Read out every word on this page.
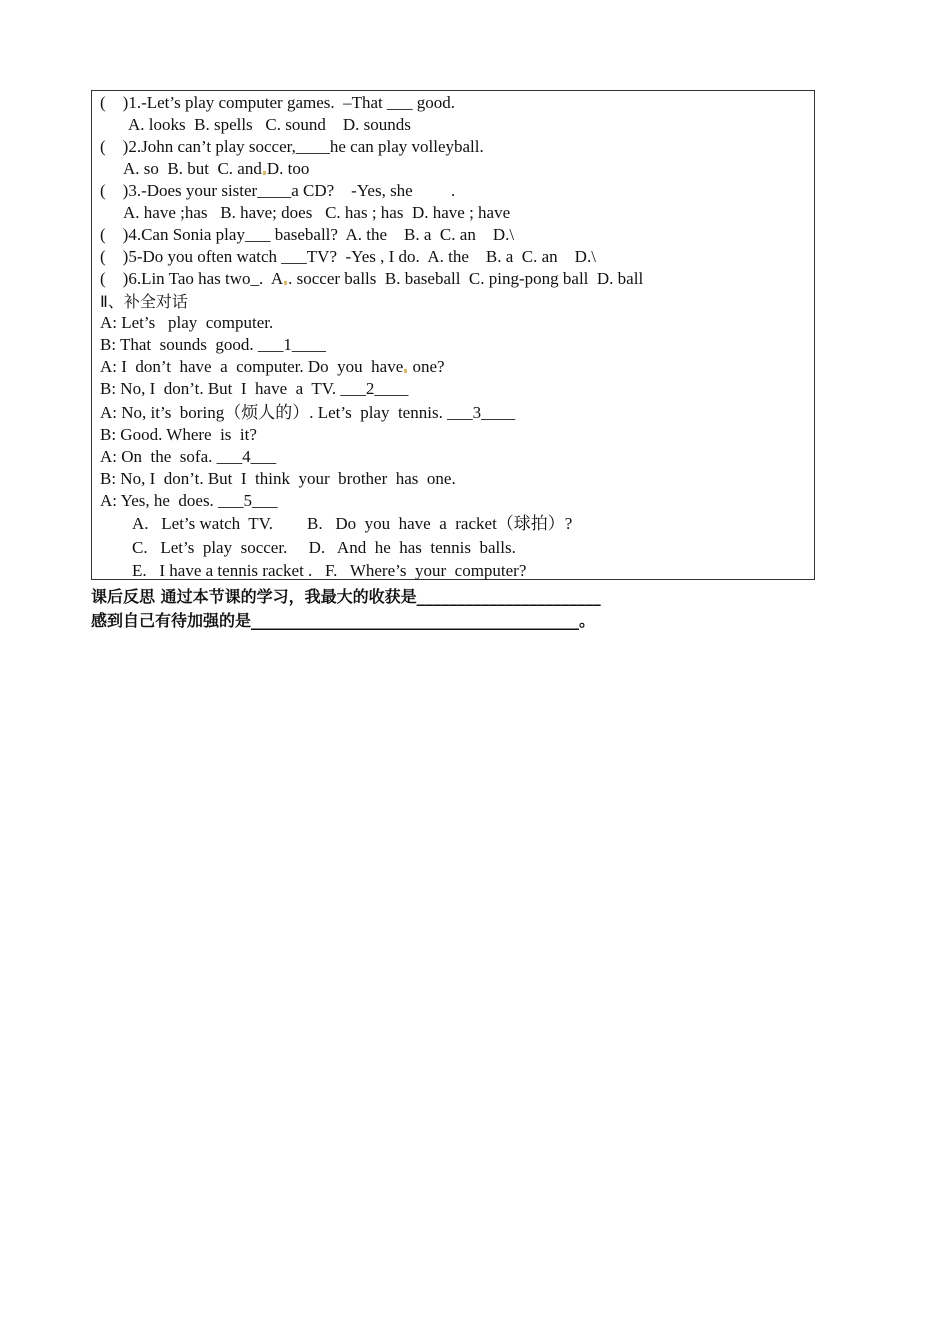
(    )1.-Let’s play computer games.  –That ___ good.
A. looks  B. spells   C. sound    D. sounds
(    )2.John can’t play soccer,____he can play volleyball.
A. so  B. but  C. and D. too
(    )3.-Does your sister____a CD?    -Yes, she         .
A. have ;has   B. have; does   C. has ; has  D. have ; have
(    )4.Can Sonia play___ baseball?  A. the    B. a  C. an    D.\
(    )5-Do you often watch ___TV?  -Yes , I do.  A. the    B. a  C. an    D.\
(    )6.Lin Tao has two_.  A . soccer balls  B. baseball  C. ping-pong ball  D. ball
Ⅱ、补全对话
A: Let’s   play  computer.
B: That  sounds  good. ___1____
A: I  don’t  have  a  computer. Do  you  have one?
B: No, I  don’t. But  I  have  a  TV. ___2____
A: No, it’s  boring（烦人的）. Let’s  play  tennis. ___3____
B: Good. Where  is  it?
A: On  the  sofa. ___4___
B: No, I  don’t. But  I  think  your  brother  has  one.
A: Yes, he  does. ___5___
A.   Let’s watch  TV.        B.   Do  you  have  a  racket（球拍）?
C.   Let’s  play  soccer.     D.   And  he  has  tennis  balls.
E.   I have a tennis racket .   F.   Where’s  your  computer?
课后反思 通过本节课的学习，我最大的收获是_______________________
感到自己有待加强的是_________________________________________。
